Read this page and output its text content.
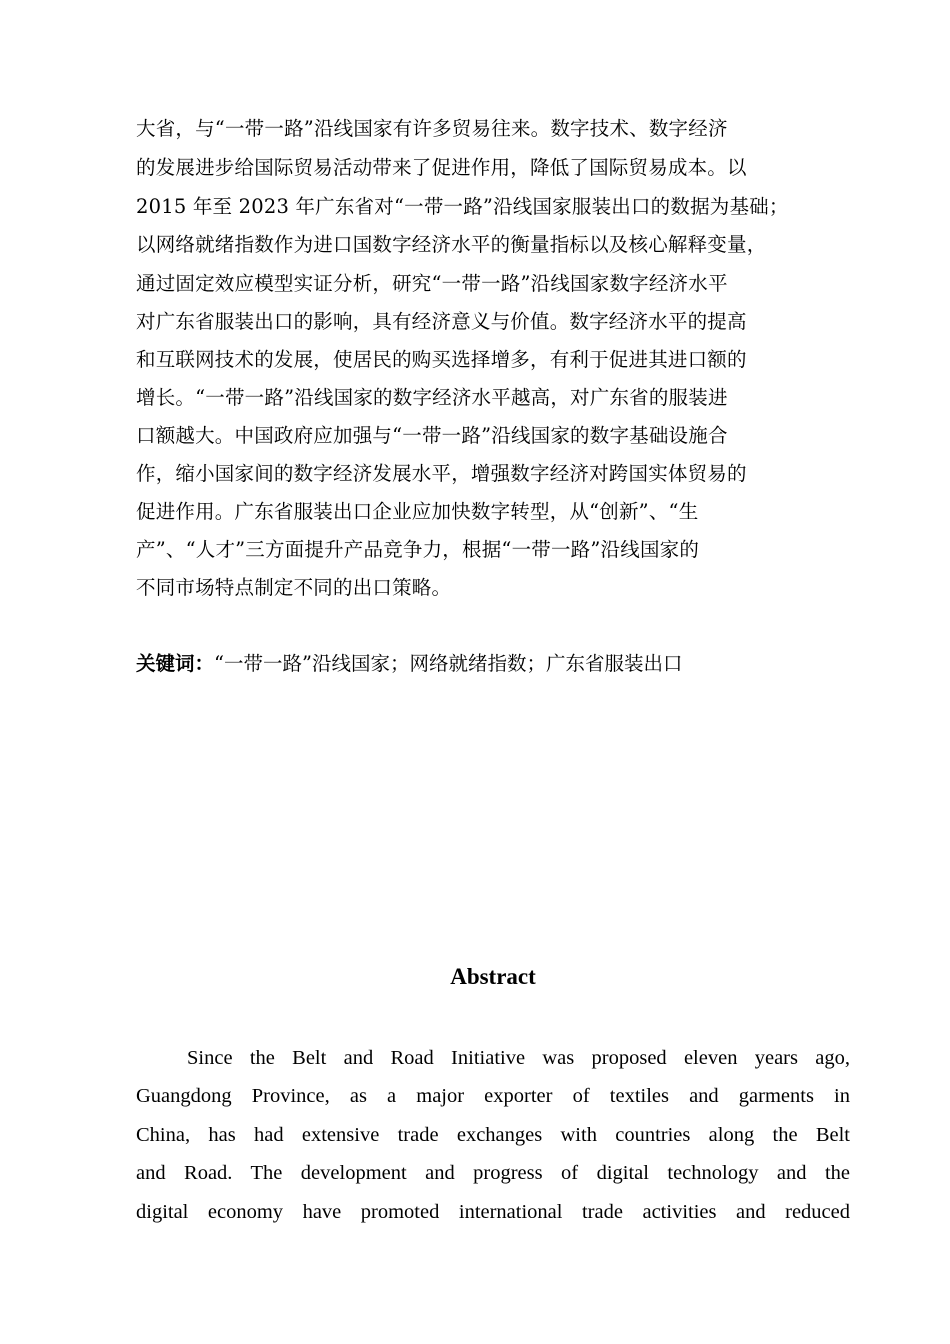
大省，与“一带一路”沿线国家有许多贸易往来。数字技术、数字经济
的发展进步给国际贸易活动带来了促进作用，降低了国际贸易成本。以
2015 年至 2023 年广东省对“一带一路”沿线国家服装出口的数据为基础；
以网络就绪指数作为进口国数字经济水平的衡量指标以及核心解释变量，
通过固定效应模型实证分析，研究“一带一路”沿线国家数字经济水平
对广东省服装出口的影响，具有经济意义与价值。数字经济水平的提高
和互联网技术的发展，使居民的购买选择增多，有利于促进其进口额的
增长。“一带一路”沿线国家的数字经济水平越高，对广东省的服装进
口额越大。中国政府应加强与“一带一路”沿线国家的数字基础设施合
作，缩小国家间的数字经济发展水平，增强数字经济对跨国实体贸易的
促进作用。广东省服装出口企业应加快数字转型，从“创新”、“生
产”、“人才”三方面提升产品竞争力，根据“一带一路”沿线国家的
不同市场特点制定不同的出口策略。
关键词：“一带一路”沿线国家；网络就绪指数；广东省服装出口
Abstract
Since the Belt and Road Initiative was proposed eleven years ago,
Guangdong Province, as a major exporter of textiles and garments in
China, has had extensive trade exchanges with countries along the Belt
and Road. The development and progress of digital technology and the
digital economy have promoted international trade activities and reduced
